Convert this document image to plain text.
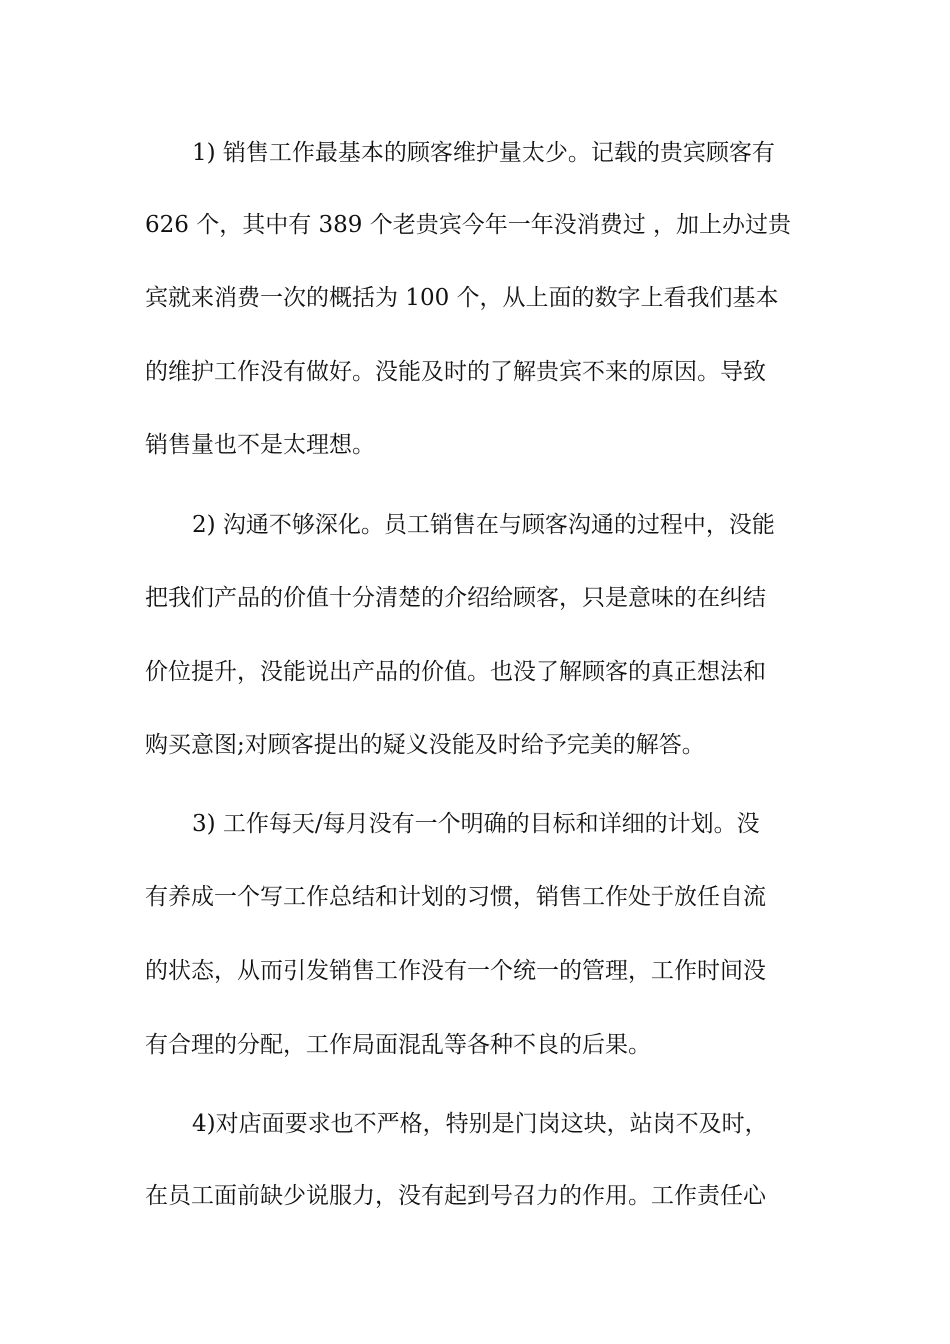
1) 销售工作最基本的顾客维护量太少。记载的贵宾顾客有
626 个，其中有 389 个老贵宾今年一年没消费过 ，加上办过贵
宾就来消费一次的概括为 100 个，从上面的数字上看我们基本
的维护工作没有做好。没能及时的了解贵宾不来的原因。导致
销售量也不是太理想。
2) 沟通不够深化。员工销售在与顾客沟通的过程中，没能
把我们产品的价值十分清楚的介绍给顾客，只是意味的在纠结
价位提升，没能说出产品的价值。也没了解顾客的真正想法和
购买意图;对顾客提出的疑义没能及时给予完美的解答。
3) 工作每天/每月没有一个明确的目标和详细的计划。没
有养成一个写工作总结和计划的习惯，销售工作处于放任自流
的状态，从而引发销售工作没有一个统一的管理，工作时间没
有合理的分配，工作局面混乱等各种不良的后果。
4)对店面要求也不严格，特别是门岗这块，站岗不及时，
在员工面前缺少说服力，没有起到号召力的作用。工作责任心
